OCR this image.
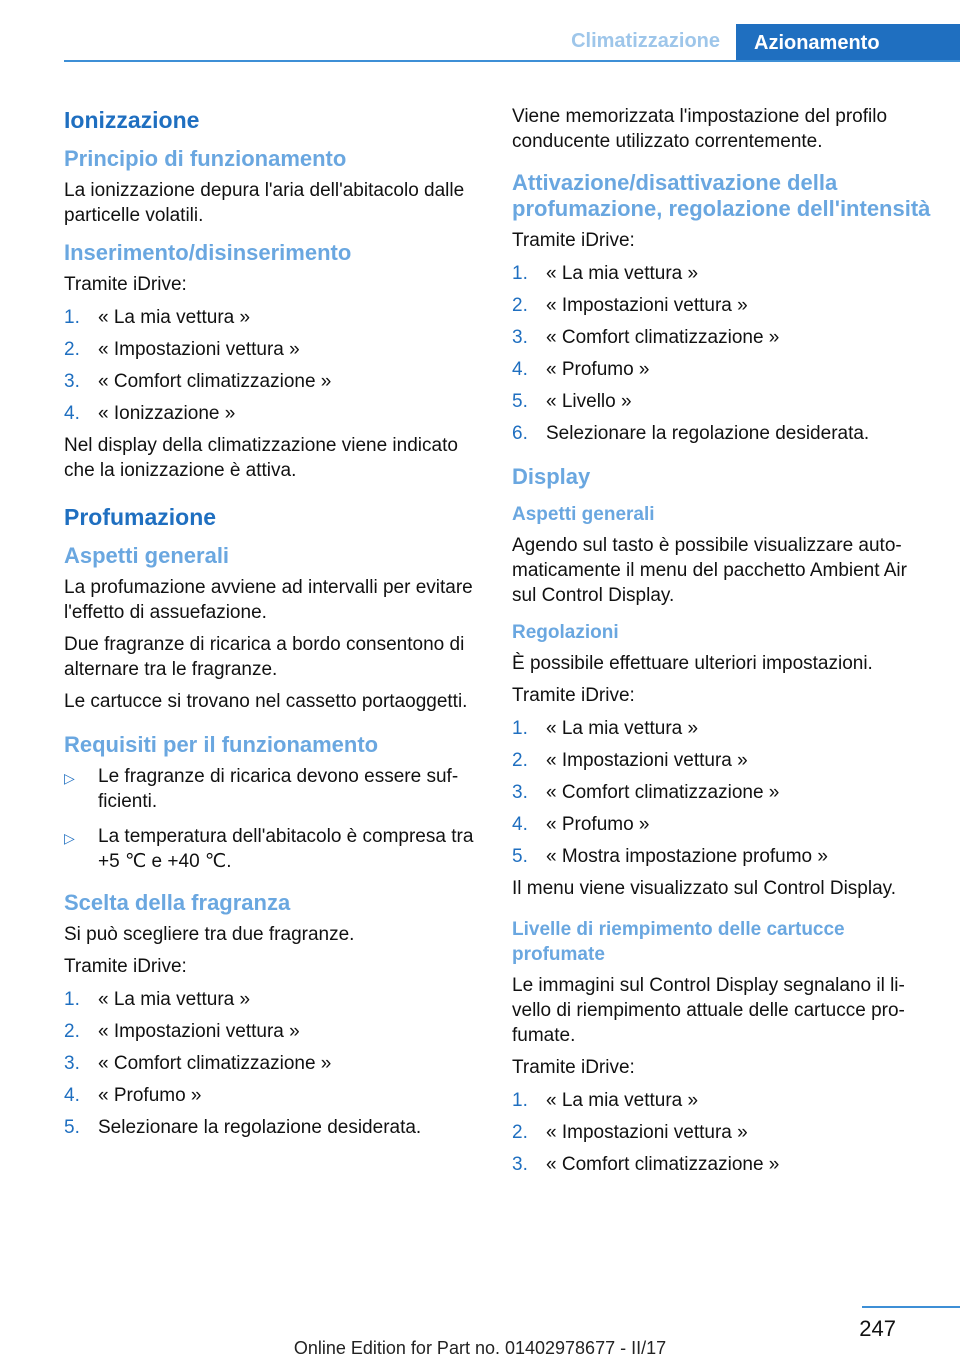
Climatizzazione	Azionamento
Ionizzazione
Principio di funzionamento

La ionizzazione depura l'aria dell'abitacolo dalle particelle volatili.

Inserimento/disinserimento

Tramite iDrive:

1. « La mia vettura »
2. « Impostazioni vettura »
3. « Comfort climatizzazione »
4. « Ionizzazione »

Nel display della climatizzazione viene indicato che la ionizzazione è attiva.

Profumazione
Aspetti generali

La profumazione avviene ad intervalli per evitare l'effetto di assuefazione.

Due fragranze di ricarica a bordo consentono di alternare tra le fragranze.

Le cartucce si trovano nel cassetto portaoggetti.

Requisiti per il funzionamento
▷	Le fragranze di ricarica devono essere sufficienti.
▷	La temperatura dell'abitacolo è compresa tra +5 ℃ e +40 ℃.
Scelta della fragranza

Si può scegliere tra due fragranze.

Tramite iDrive:

1. « La mia vettura »
2. « Impostazioni vettura »
3. « Comfort climatizzazione »
4. « Profumo »
5. Selezionare la regolazione desiderata.

Viene memorizzata l'impostazione del profilo conducente utilizzato correntemente.

Attivazione/disattivazione della profumazione, regolazione dell'intensità

Tramite iDrive:

1. « La mia vettura »
2. « Impostazioni vettura »
3. « Comfort climatizzazione »
4. « Profumo »
5. « Livello »
6. Selezionare la regolazione desiderata.
Display
Aspetti generali

Agendo sul tasto è possibile visualizzare automaticamente il menu del pacchetto Ambient Air sul Control Display.

Regolazioni

È possibile effettuare ulteriori impostazioni.

Tramite iDrive:

1. « La mia vettura »
2. « Impostazioni vettura »
3. « Comfort climatizzazione »
4. « Profumo »
5. « Mostra impostazione profumo »

Il menu viene visualizzato sul Control Display.

Livelle di riempimento delle cartucce profumate

Le immagini sul Control Display segnalano il livello di riempimento attuale delle cartucce profumate.

Tramite iDrive:

1. « La mia vettura »
2. « Impostazioni vettura »
3. « Comfort climatizzazione »
247
Online Edition for Part no. 01402978677 - II/17
